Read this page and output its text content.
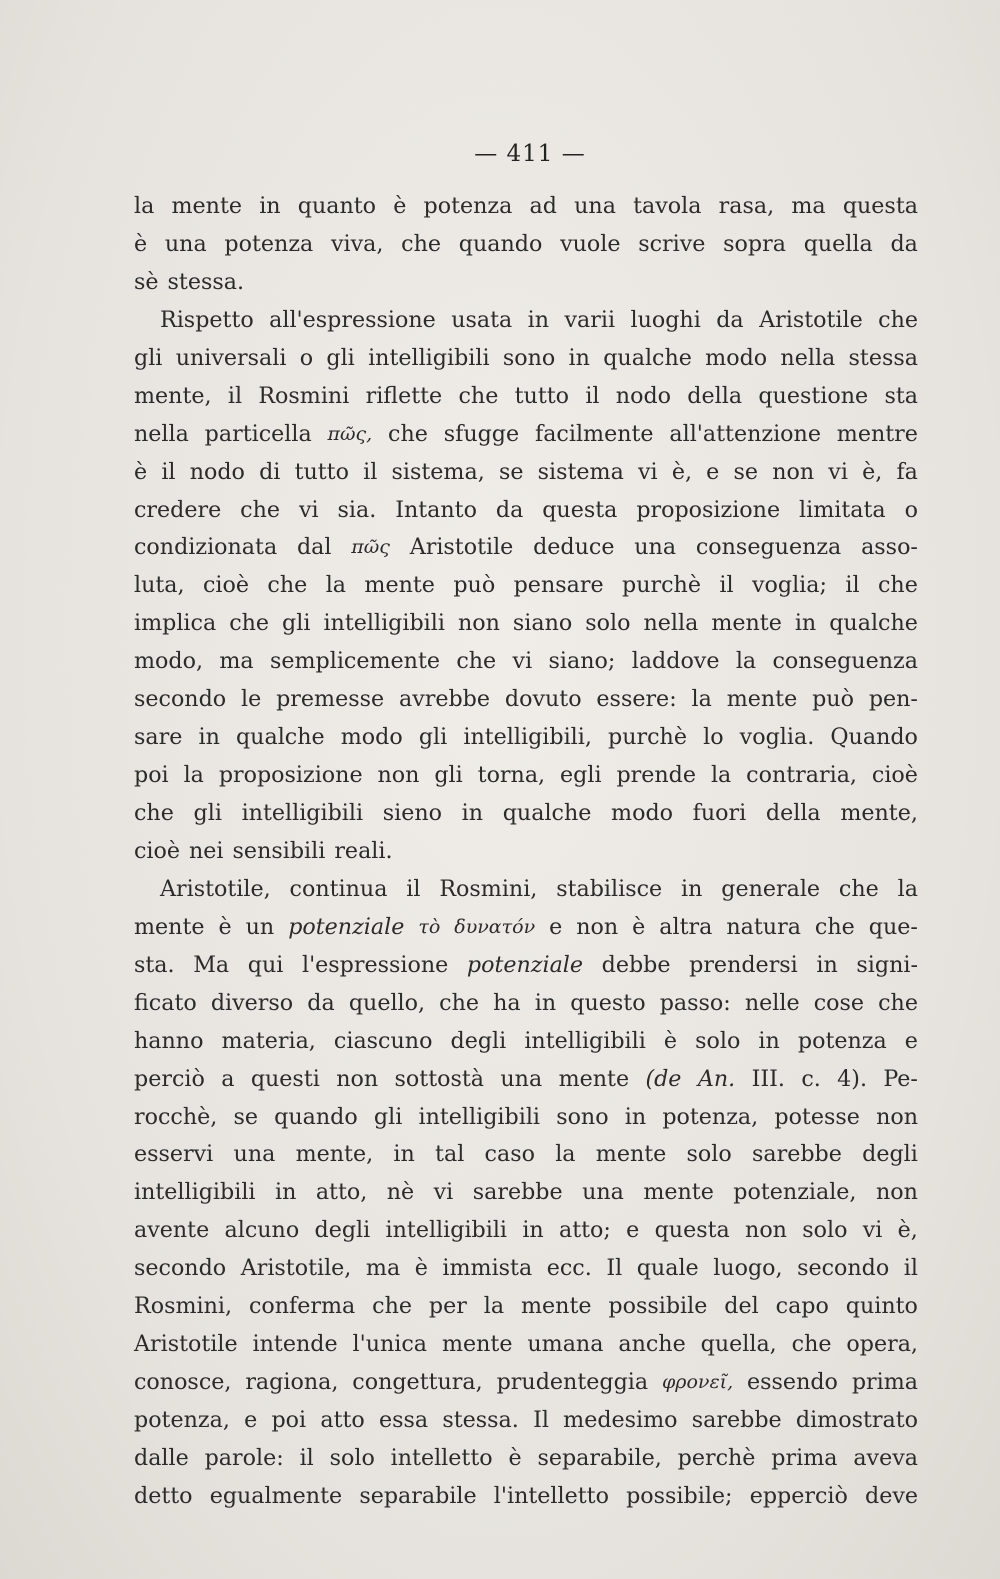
— 411 —
la mente in quanto è potenza ad una tavola rasa, ma questa
è una potenza viva, che quando vuole scrive sopra quella da
sè stessa.
Rispetto all'espressione usata in varii luoghi da Aristotile che
gli universali o gli intelligibili sono in qualche modo nella stessa
mente, il Rosmini riflette che tutto il nodo della questione sta
nella particella πῶς, che sfugge facilmente all'attenzione mentre
è il nodo di tutto il sistema, se sistema vi è, e se non vi è, fa
credere che vi sia. Intanto da questa proposizione limitata o
condizionata dal πῶς Aristotile deduce una conseguenza asso-
luta, cioè che la mente può pensare purchè il voglia; il che
implica che gli intelligibili non siano solo nella mente in qualche
modo, ma semplicemente che vi siano; laddove la conseguenza
secondo le premesse avrebbe dovuto essere: la mente può pen-
sare in qualche modo gli intelligibili, purchè lo voglia. Quando
poi la proposizione non gli torna, egli prende la contraria, cioè
che gli intelligibili sieno in qualche modo fuori della mente,
cioè nei sensibili reali.
Aristotile, continua il Rosmini, stabilisce in generale che la
mente è un potenziale τὸ δυνατόν e non è altra natura che que-
sta. Ma qui l'espressione potenziale debbe prendersi in signi-
ficato diverso da quello, che ha in questo passo: nelle cose che
hanno materia, ciascuno degli intelligibili è solo in potenza e
perciò a questi non sottostà una mente (de An. III. c. 4). Pe-
rocchè, se quando gli intelligibili sono in potenza, potesse non
esservi una mente, in tal caso la mente solo sarebbe degli
intelligibili in atto, nè vi sarebbe una mente potenziale, non
avente alcuno degli intelligibili in atto; e questa non solo vi è,
secondo Aristotile, ma è immista ecc. Il quale luogo, secondo il
Rosmini, conferma che per la mente possibile del capo quinto
Aristotile intende l'unica mente umana anche quella, che opera,
conosce, ragiona, congettura, prudenteggia φρονεῖ, essendo prima
potenza, e poi atto essa stessa. Il medesimo sarebbe dimostrato
dalle parole: il solo intelletto è separabile, perchè prima aveva
detto egualmente separabile l'intelletto possibile; epperciò deve
